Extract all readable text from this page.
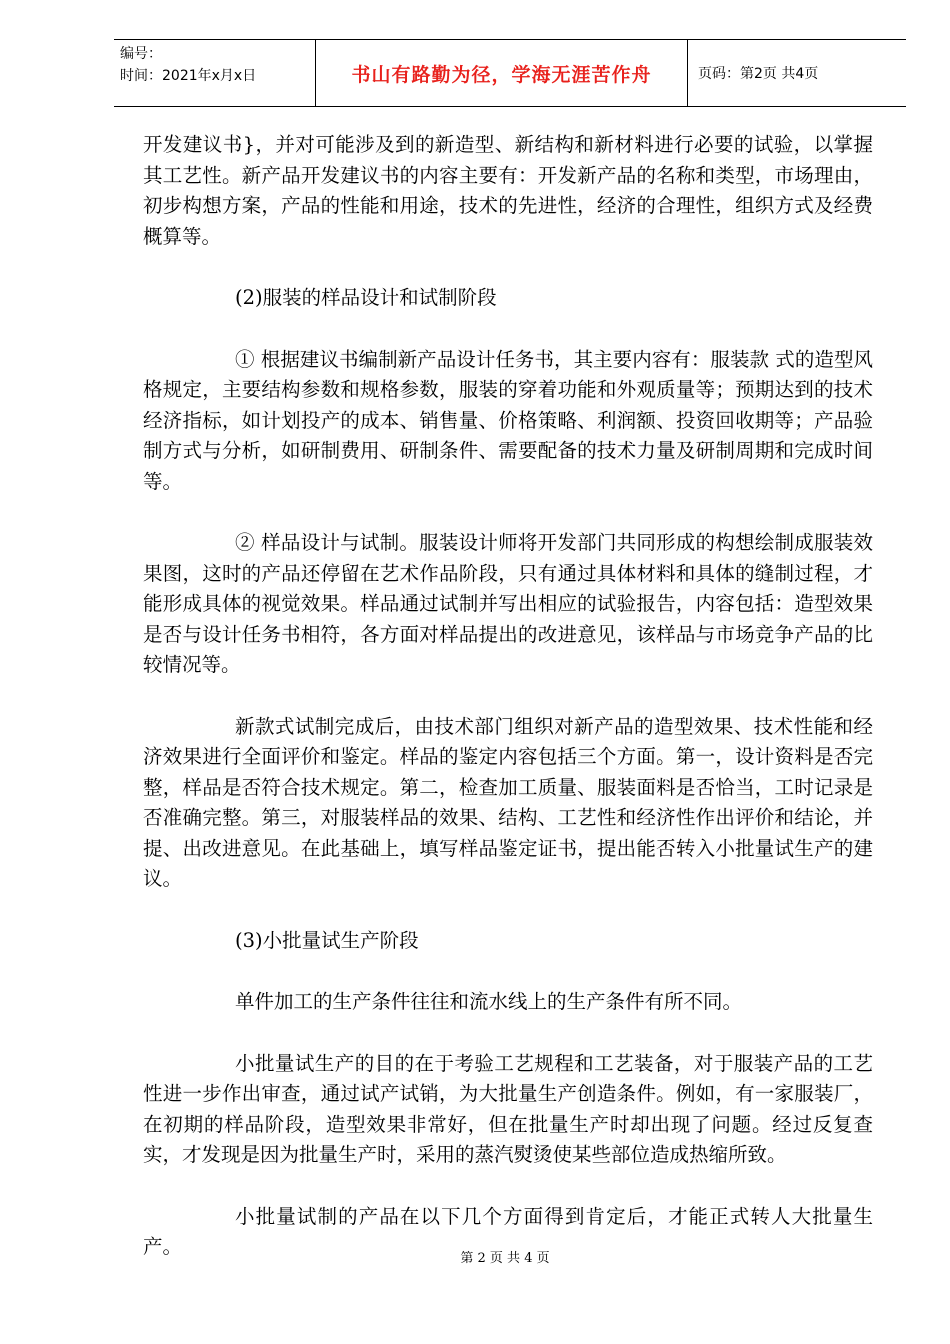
编号：
时间：2021年x月x日	书山有路勤为径，学海无涯苦作舟	页码：第2页 共4页

开发建议书}，并对可能涉及到的新造型、新结构和新材料进行必要的试验，以掌握其工艺性。新产品开发建议书的内容主要有：开发新产品的名称和类型，市场理由，初步构想方案，产品的性能和用途，技术的先进性，经济的合理性，组织方式及经费概算等。

(2)服装的样品设计和试制阶段

① 根据建议书编制新产品设计任务书，其主要内容有：服装款 式的造型风格规定，主要结构参数和规格参数，服装的穿着功能和外观质量等；预期达到的技术经济指标，如计划投产的成本、销售量、价格策略、利润额、投资回收期等；产品验制方式与分析，如研制费用、研制条件、需要配备的技术力量及研制周期和完成时间等。

② 样品设计与试制。服装设计师将开发部门共同形成的构想绘制成服装效果图，这时的产品还停留在艺术作品阶段，只有通过具体材料和具体的缝制过程，才能形成具体的视觉效果。样品通过试制并写出相应的试验报告，内容包括：造型效果是否与设计任务书相符，各方面对样品提出的改进意见，该样品与市场竞争产品的比较情况等。

新款式试制完成后，由技术部门组织对新产品的造型效果、技术性能和经济效果进行全面评价和鉴定。样品的鉴定内容包括三个方面。第一，设计资料是否完整，样品是否符合技术规定。第二，检查加工质量、服装面料是否恰当，工时记录是否准确完整。第三，对服装样品的效果、结构、工艺性和经济性作出评价和结论，并提、出改进意见。在此基础上，填写样品鉴定证书，提出能否转入小批量试生产的建议。

(3)小批量试生产阶段

单件加工的生产条件往往和流水线上的生产条件有所不同。

小批量试生产的目的在于考验工艺规程和工艺装备，对于服装产品的工艺性进一步作出审查，通过试产试销，为大批量生产创造条件。例如，有一家服装厂，在初期的样品阶段，造型效果非常好，但在批量生产时却出现了问题。经过反复查实，才发现是因为批量生产时，采用的蒸汽熨烫使某些部位造成热缩所致。

小批量试制的产品在以下几个方面得到肯定后，才能正式转人大批量生产。

第 2 页 共 4 页
